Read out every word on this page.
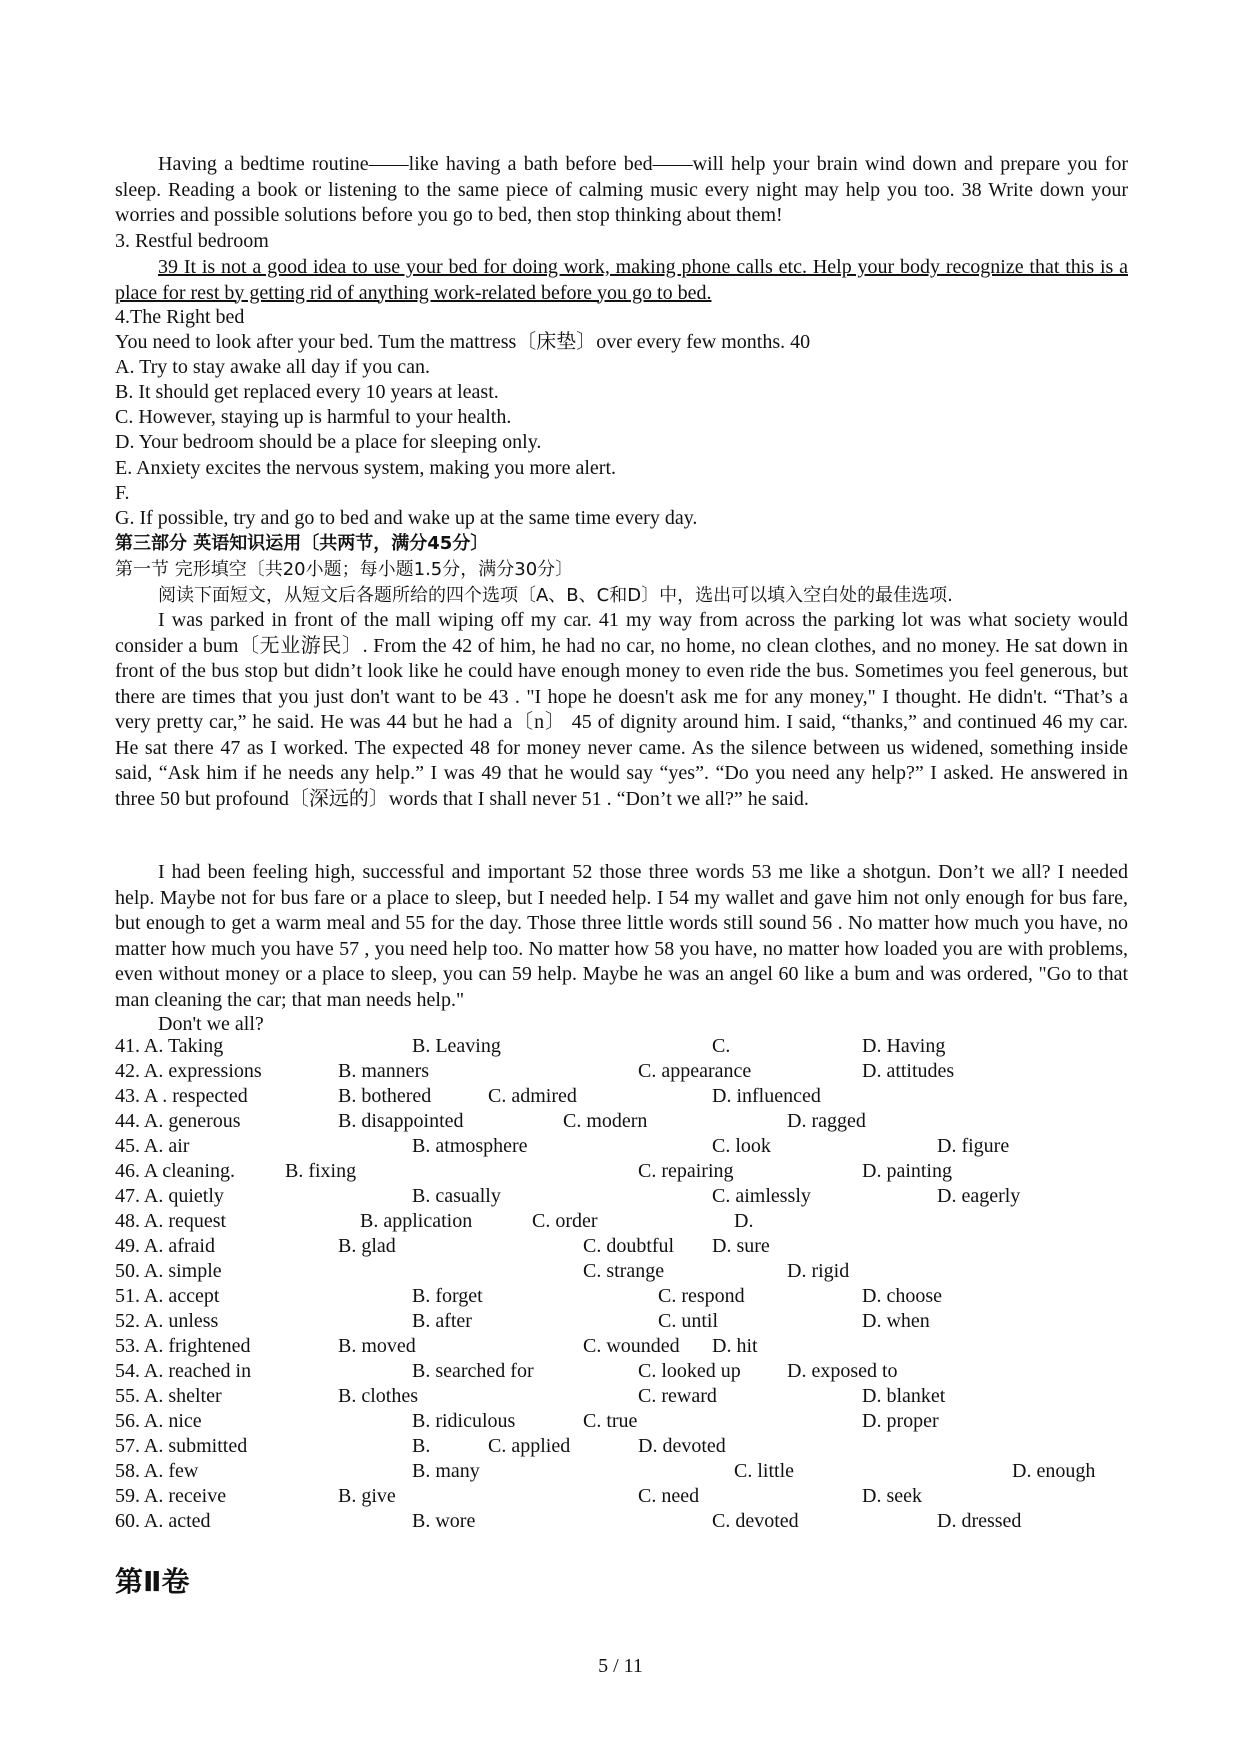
Having a bedtime routine——like having a bath before bed——will help your brain wind down and prepare you for sleep. Reading a book or listening to the same piece of calming music every night may help you too. 38 Write down your worries and possible solutions before you go to bed, then stop thinking about them!
3. Restful bedroom
39 It is not a good idea to use your bed for doing work, making phone calls etc. Help your body recognize that this is a place for rest by getting rid of anything work-related before you go to bed.
4.The Right bed
You need to look after your bed. Tum the mattress〔床垫〕over every few months. 40
A. Try to stay awake all day if you can.
B. It should get replaced every 10 years at least.
C. However, staying up is harmful to your health.
D. Your bedroom should be a place for sleeping only.
E. Anxiety excites the nervous system, making you more alert.
F.
G. If possible, try and go to bed and wake up at the same time every day.
第三部分 英语知识运用〔共两节，满分45分〕
第一节 完形填空〔共20小题；每小题1.5分，满分30分〕
阅读下面短文，从短文后各题所给的四个选项〔A、B、C和D〕中，选出可以填入空白处的最佳选项.
I was parked in front of the mall wiping off my car. 41 my way from across the parking lot was what society would consider a bum〔无业游民〕. From the 42 of him, he had no car, no home, no clean clothes, and no money. He sat down in front of the bus stop but didn’t look like he could have enough money to even ride the bus. Sometimes you feel generous, but there are times that you just don't want to be 43 . "I hope he doesn't ask me for any money," I thought. He didn't. “That’s a very pretty car,” he said. He was 44 but he had a〔n〕 45 of dignity around him. I said, “thanks,” and continued 46 my car. He sat there 47 as I worked. The expected 48 for money never came. As the silence between us widened, something inside said, “Ask him if he needs any help.” I was 49 that he would say “yes”. “Do you need any help?” I asked. He answered in three 50 but profound〔深远的〕words that I shall never 51 . “Don’t we all?” he said.
I had been feeling high, successful and important 52 those three words 53 me like a shotgun. Don’t we all? I needed help. Maybe not for bus fare or a place to sleep, but I needed help. I 54 my wallet and gave him not only enough for bus fare, but enough to get a warm meal and 55 for the day. Those three little words still sound 56 . No matter how much you have, no matter how much you have 57 , you need help too. No matter how 58 you have, no matter how loaded you are with problems, even without money or a place to sleep, you can 59 help. Maybe he was an angel 60 like a bum and was ordered, "Go to that man cleaning the car; that man needs help."
Don't we all?
41. A. Taking	B. Leaving	C.	D. Having
42. A. expressions	B. manners	C. appearance	D. attitudes
43. A . respected	B. bothered	C. admired	D. influenced
44. A. generous	B. disappointed	C. modern	D. ragged
45. A. air	B. atmosphere	C. look	D. figure
46. A cleaning.	B. fixing	C. repairing	D. painting
47. A. quietly	B. casually	C. aimlessly	D. eagerly
48. A. request	B. application	C. order	D.
49. A. afraid	B. glad	C. doubtful D. sure
50. A. simple	C. strange	D. rigid
51. A. accept	B. forget	C. respond	D. choose
52. A. unless	B. after	C. until	D. when
53. A. frightened	B. moved	C. wounded D. hit
54. A. reached in	B. searched for	C. looked up D. exposed to
55. A. shelter	B. clothes	C. reward	D. blanket
56. A. nice	B. ridiculous	C. true	D. proper
57. A. submitted	B.	C. applied	D. devoted
58. A. few	B. many	C. little	D. enough
59. A. receive	B. give	C. need	D. seek
60. A. acted	B. wore	C. devoted	D. dressed
第Ⅱ卷
5 / 11
